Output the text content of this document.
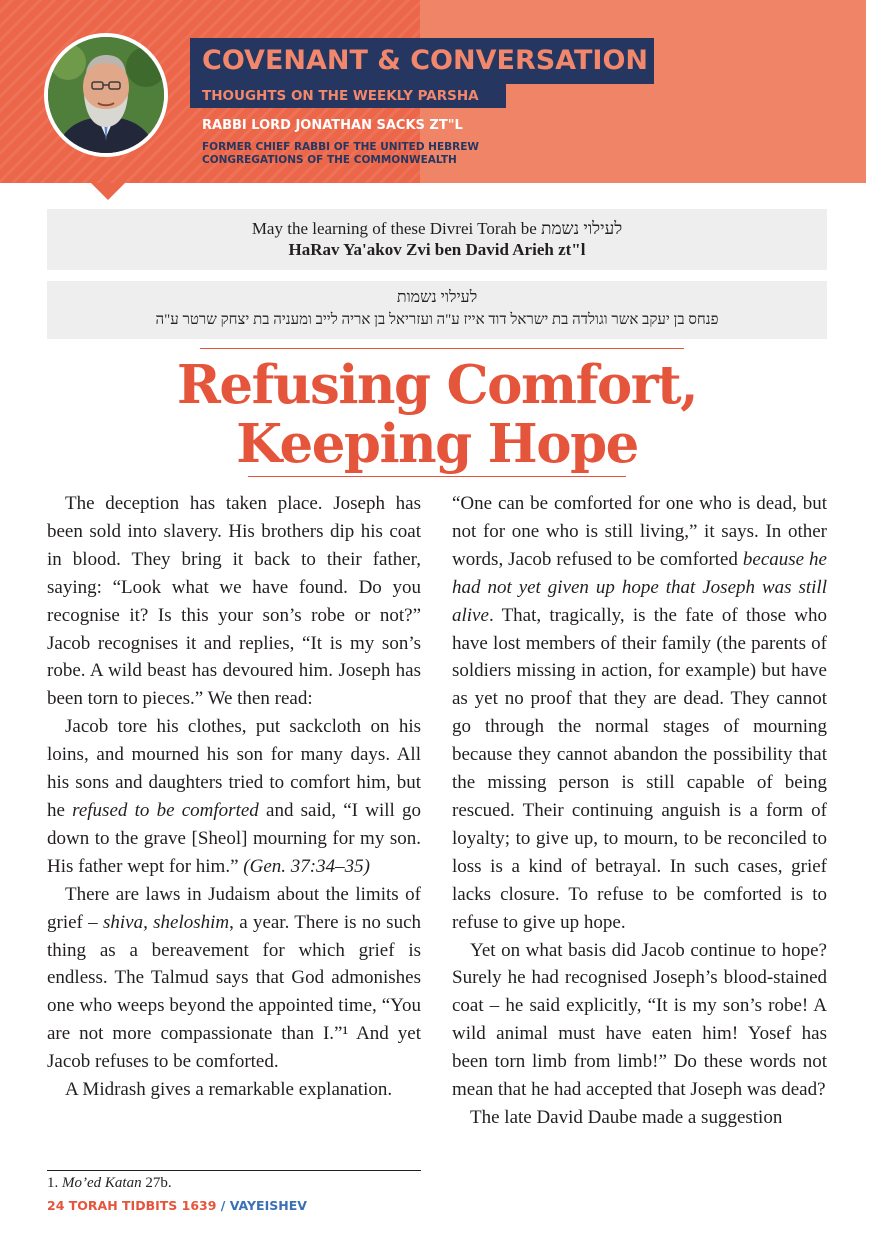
COVENANT & CONVERSATION
THOUGHTS ON THE WEEKLY PARSHA
RABBI LORD JONATHAN SACKS ZT"L
FORMER CHIEF RABBI OF THE UNITED HEBREW
CONGREGATIONS OF THE COMMONWEALTH
May the learning of these Divrei Torah be לעילוי נשמת
HaRav Ya'akov Zvi ben David Arieh zt"l
לעילוי נשמות
פנחס בן יעקב אשר וגולדה בת ישראל דוד אייז ע"ה ועזריאל בן אריה לייב ומעניה בת יצחק שרטר ע"ה
Refusing Comfort,
Keeping Hope

The deception has taken place. Joseph has been sold into slavery. His brothers dip his coat in blood. They bring it back to their father, saying: “Look what we have found. Do you recognise it? Is this your son’s robe or not?” Jacob recognises it and replies, “It is my son’s robe. A wild beast has devoured him. Joseph has been torn to pieces.” We then read:

Jacob tore his clothes, put sackcloth on his loins, and mourned his son for many days. All his sons and daughters tried to comfort him, but he refused to be comforted and said, “I will go down to the grave [Sheol] mourning for my son. His father wept for him.” (Gen. 37:34–35)

There are laws in Judaism about the limits of grief – shiva, sheloshim, a year. There is no such thing as a bereavement for which grief is endless. The Talmud says that God admonishes one who weeps beyond the appointed time, “You are not more compassionate than I.”¹ And yet Jacob refuses to be comforted.

A Midrash gives a remarkable explanation.

“One can be comforted for one who is dead, but not for one who is still living,” it says. In other words, Jacob refused to be comforted because he had not yet given up hope that Joseph was still alive. That, tragically, is the fate of those who have lost members of their family (the parents of soldiers missing in action, for example) but have as yet no proof that they are dead. They cannot go through the normal stages of mourning because they cannot abandon the possibility that the missing person is still capable of being rescued. Their continuing anguish is a form of loyalty; to give up, to mourn, to be reconciled to loss is a kind of betrayal. In such cases, grief lacks closure. To refuse to be comforted is to refuse to give up hope.

Yet on what basis did Jacob continue to hope? Surely he had recognised Joseph’s blood-stained coat – he said explicitly, “It is my son’s robe! A wild animal must have eaten him! Yosef has been torn limb from limb!” Do these words not mean that he had accepted that Joseph was dead?

The late David Daube made a suggestion

1. Mo’ed Katan 27b.
24 TORAH TIDBITS 1639 / VAYEISHEV
